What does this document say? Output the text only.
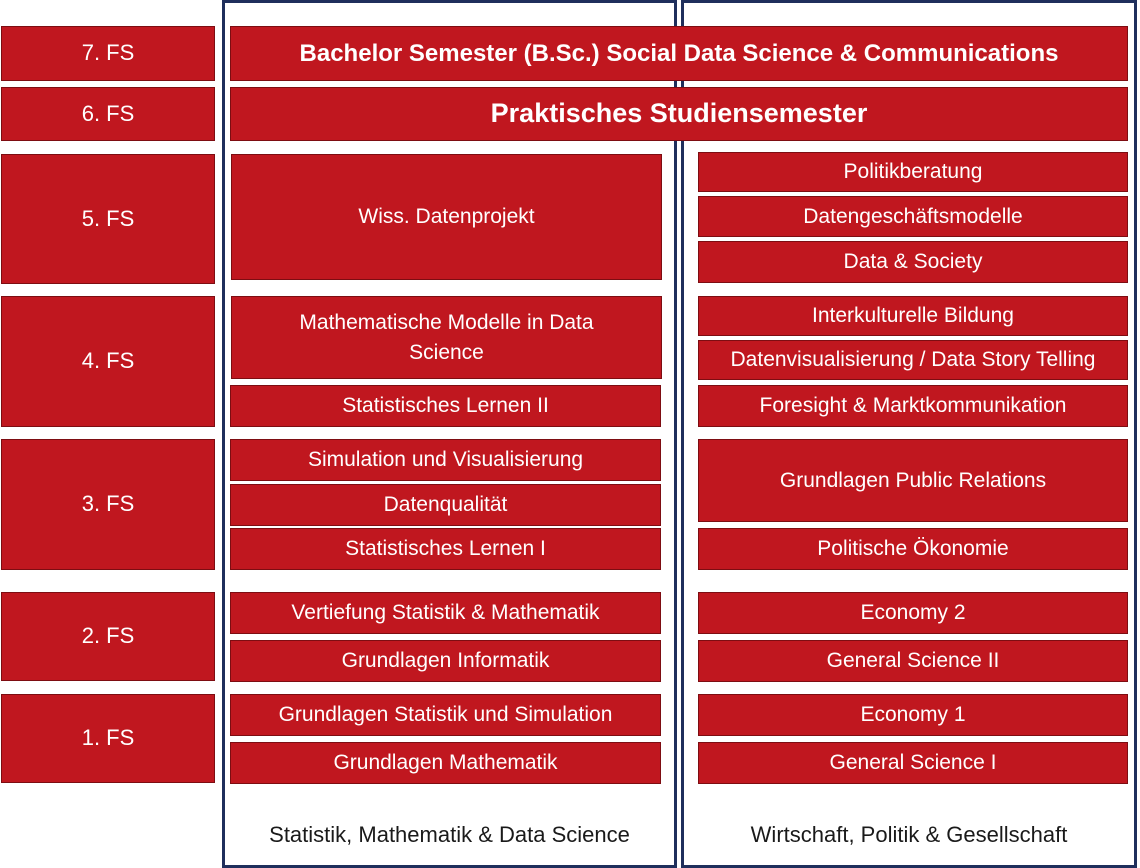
7. FS
6. FS
5. FS
4. FS
3. FS
2. FS
1. FS
Bachelor Semester (B.Sc.) Social Data Science & Communications
Praktisches Studiensemester
Wiss. Datenprojekt
Mathematische Modelle in Data Science
Statistisches Lernen II
Simulation und Visualisierung
Datenqualität
Statistisches Lernen I
Vertiefung Statistik & Mathematik
Grundlagen Informatik
Grundlagen Statistik und Simulation
Grundlagen Mathematik
Politikberatung
Datengeschäftsmodelle
Data & Society
Interkulturelle Bildung
Datenvisualisierung / Data Story Telling
Foresight & Marktkommunikation
Grundlagen Public Relations
Politische Ökonomie
Economy 2
General Science II
Economy 1
General Science I
Statistik, Mathematik & Data Science	Wirtschaft, Politik & Gesellschaft
